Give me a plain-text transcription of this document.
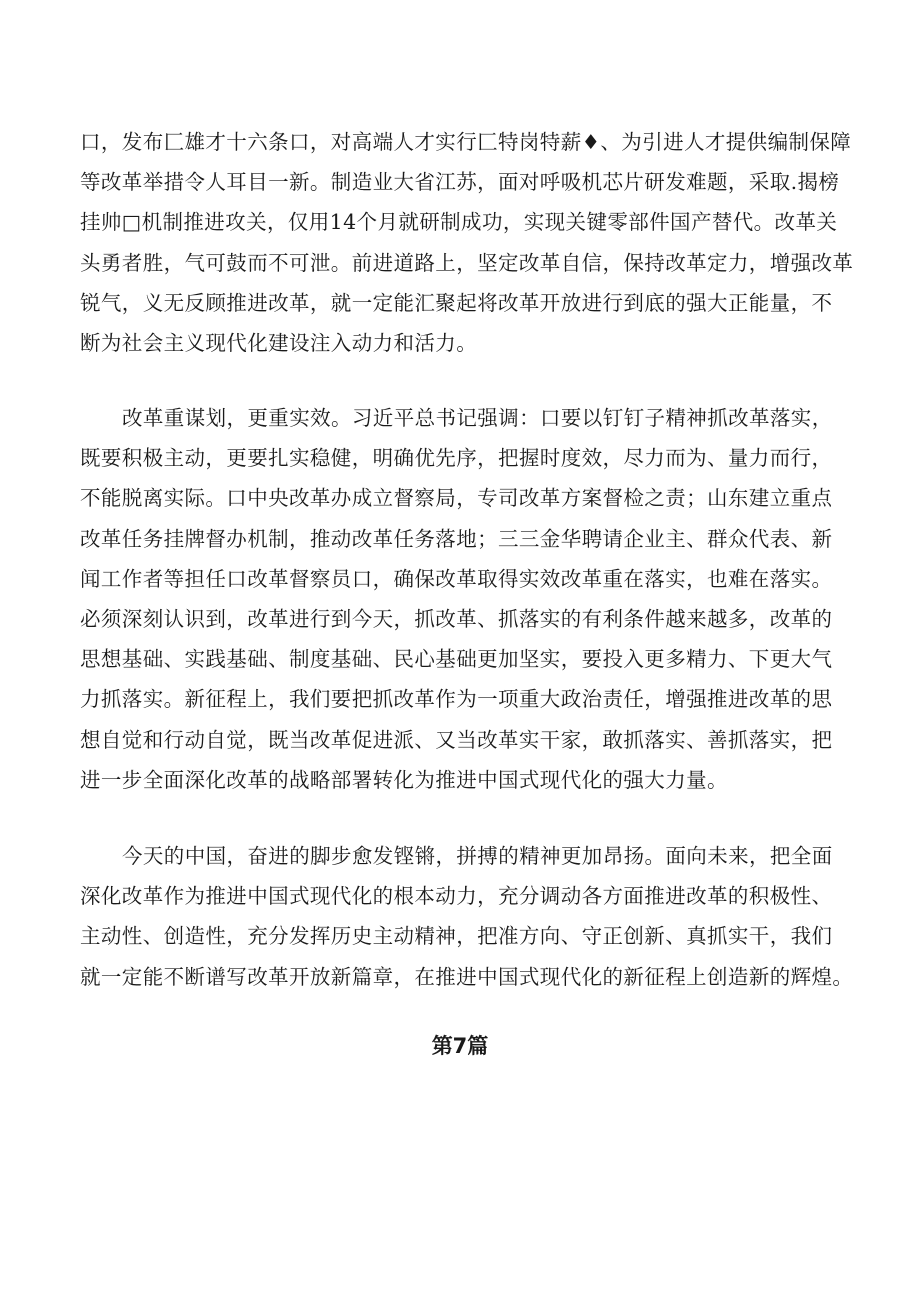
口，发布匚雄才十六条口，对高端人才实行匚特岗特薪♦、为引进人才提供编制保障
等改革举措令人耳目一新。制造业大省江苏，面对呼吸机芯片研发难题，采取.揭榜
挂帅□机制推进攻关，仅用14个月就研制成功，实现关键零部件国产替代。改革关
头勇者胜，气可鼓而不可泄。前进道路上，坚定改革自信，保持改革定力，增强改革
锐气，义无反顾推进改革，就一定能汇聚起将改革开放进行到底的强大正能量，不
断为社会主义现代化建设注入动力和活力。
改革重谋划，更重实效。习近平总书记强调：口要以钉钉子精神抓改革落实，
既要积极主动，更要扎实稳健，明确优先序，把握时度效，尽力而为、量力而行，
不能脱离实际。口中央改革办成立督察局，专司改革方案督检之责；山东建立重点
改革任务挂牌督办机制，推动改革任务落地；三三金华聘请企业主、群众代表、新
闻工作者等担任口改革督察员口，确保改革取得实效改革重在落实，也难在落实。
必须深刻认识到，改革进行到今天，抓改革、抓落实的有利条件越来越多，改革的
思想基础、实践基础、制度基础、民心基础更加坚实，要投入更多精力、下更大气
力抓落实。新征程上，我们要把抓改革作为一项重大政治责任，增强推进改革的思
想自觉和行动自觉，既当改革促进派、又当改革实干家，敢抓落实、善抓落实，把
进一步全面深化改革的战略部署转化为推进中国式现代化的强大力量。
今天的中国，奋进的脚步愈发铿锵，拼搏的精神更加昂扬。面向未来，把全面
深化改革作为推进中国式现代化的根本动力，充分调动各方面推进改革的积极性、
主动性、创造性，充分发挥历史主动精神，把准方向、守正创新、真抓实干，我们
就一定能不断谱写改革开放新篇章，在推进中国式现代化的新征程上创造新的辉煌。
第7篇
